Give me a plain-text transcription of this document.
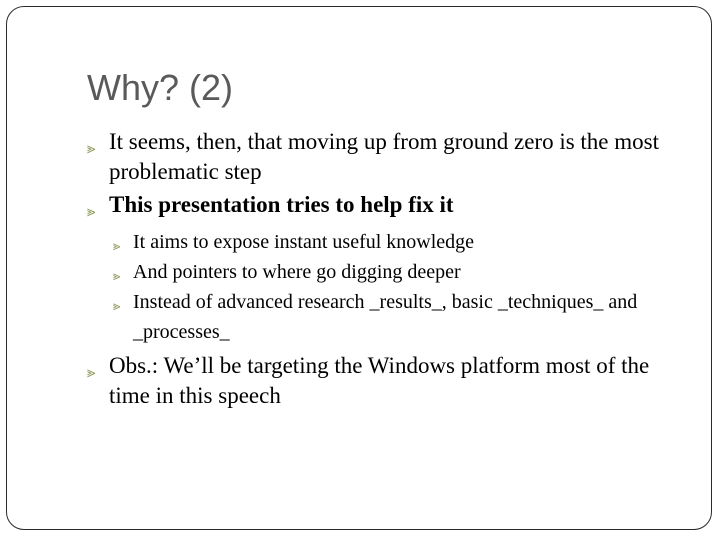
Why? (2)
⪢ It seems, then, that moving up from ground zero is the most problematic step
⪢ This presentation tries to help fix it
⪢ It aims to expose instant useful knowledge
⪢ And pointers to where go digging deeper
⪢ Instead of advanced research _results_, basic _techniques_ and _processes_
⪢ Obs.: We’ll be targeting the Windows platform most of the time in this speech
